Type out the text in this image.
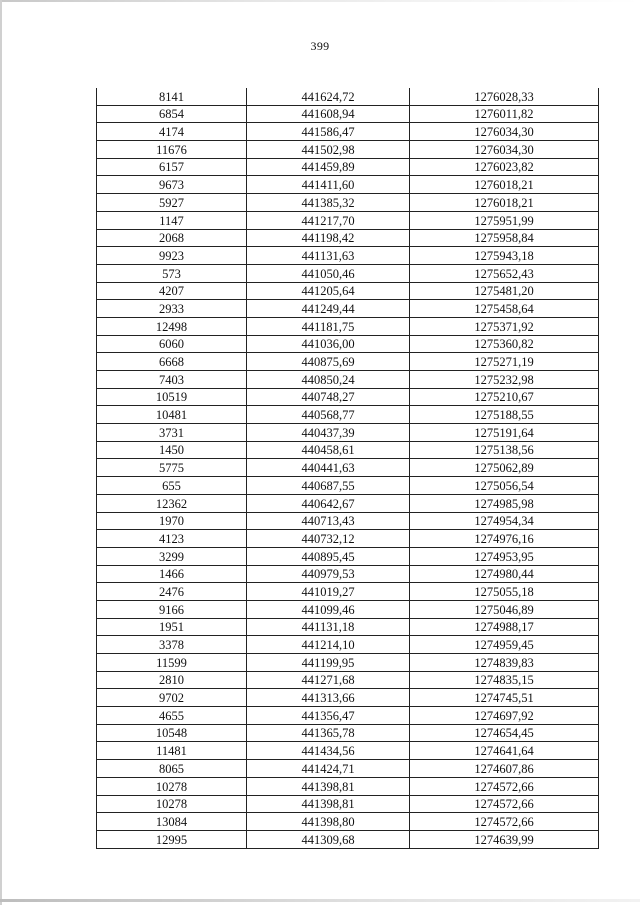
399
8141	441624,72	1276028,33
6854	441608,94	1276011,82
4174	441586,47	1276034,30
11676	441502,98	1276034,30
6157	441459,89	1276023,82
9673	441411,60	1276018,21
5927	441385,32	1276018,21
1147	441217,70	1275951,99
2068	441198,42	1275958,84
9923	441131,63	1275943,18
573	441050,46	1275652,43
4207	441205,64	1275481,20
2933	441249,44	1275458,64
12498	441181,75	1275371,92
6060	441036,00	1275360,82
6668	440875,69	1275271,19
7403	440850,24	1275232,98
10519	440748,27	1275210,67
10481	440568,77	1275188,55
3731	440437,39	1275191,64
1450	440458,61	1275138,56
5775	440441,63	1275062,89
655	440687,55	1275056,54
12362	440642,67	1274985,98
1970	440713,43	1274954,34
4123	440732,12	1274976,16
3299	440895,45	1274953,95
1466	440979,53	1274980,44
2476	441019,27	1275055,18
9166	441099,46	1275046,89
1951	441131,18	1274988,17
3378	441214,10	1274959,45
11599	441199,95	1274839,83
2810	441271,68	1274835,15
9702	441313,66	1274745,51
4655	441356,47	1274697,92
10548	441365,78	1274654,45
11481	441434,56	1274641,64
8065	441424,71	1274607,86
10278	441398,81	1274572,66
10278	441398,81	1274572,66
13084	441398,80	1274572,66
12995	441309,68	1274639,99
